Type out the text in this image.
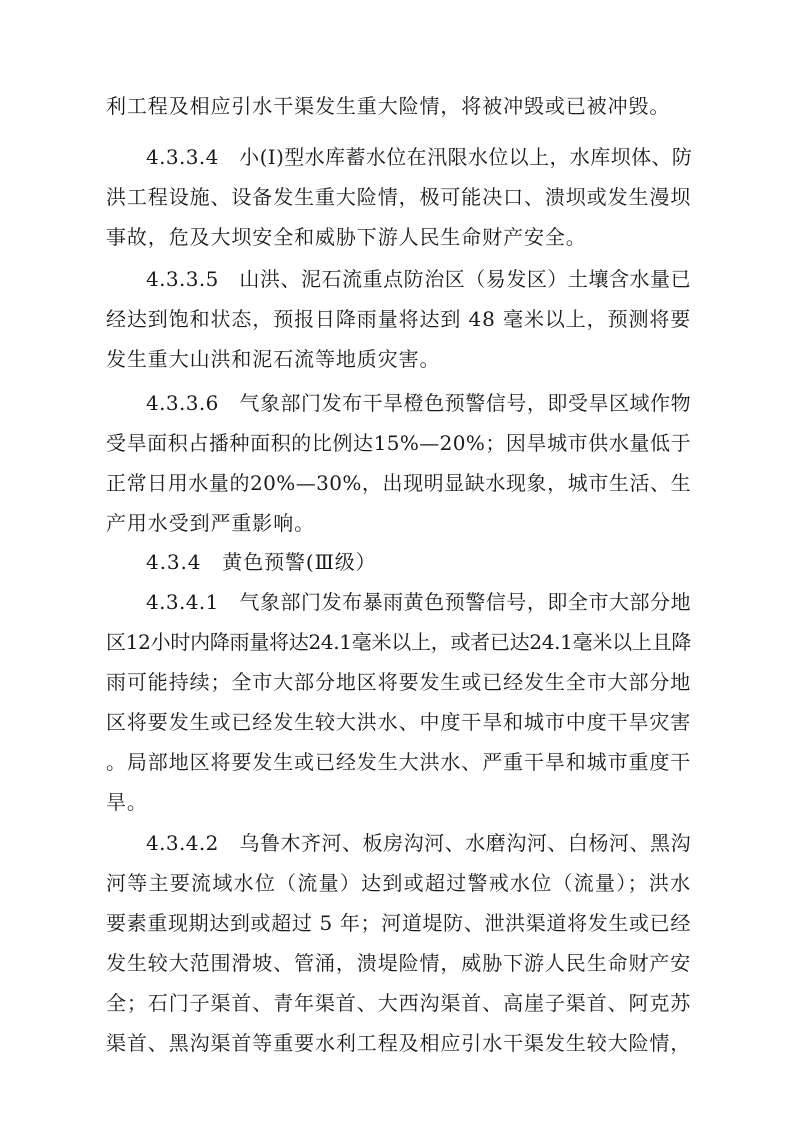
利工程及相应引水干渠发生重大险情，将被冲毁或已被冲毁。
4.3.3.4　小(Ⅰ)型水库蓄水位在汛限水位以上，水库坝体、防
洪工程设施、设备发生重大险情，极可能决口、溃坝或发生漫坝
事故，危及大坝安全和威胁下游人民生命财产安全。
4.3.3.5　山洪、泥石流重点防治区（易发区）土壤含水量已
经达到饱和状态，预报日降雨量将达到 48 毫米以上，预测将要
发生重大山洪和泥石流等地质灾害。
4.3.3.6　气象部门发布干旱橙色预警信号，即受旱区域作物
受旱面积占播种面积的比例达15%—20%；因旱城市供水量低于
正常日用水量的20%—30%，出现明显缺水现象，城市生活、生
产用水受到严重影响。
4.3.4　黄色预警(Ⅲ级）
4.3.4.1　气象部门发布暴雨黄色预警信号，即全市大部分地
区12小时内降雨量将达24.1毫米以上，或者已达24.1毫米以上且降
雨可能持续；全市大部分地区将要发生或已经发生全市大部分地
区将要发生或已经发生较大洪水、中度干旱和城市中度干旱灾害
。局部地区将要发生或已经发生大洪水、严重干旱和城市重度干
旱。
4.3.4.2　乌鲁木齐河、板房沟河、水磨沟河、白杨河、黑沟
河等主要流域水位（流量）达到或超过警戒水位（流量）；洪水
要素重现期达到或超过 5 年；河道堤防、泄洪渠道将发生或已经
发生较大范围滑坡、管涌，溃堤险情，威胁下游人民生命财产安
全；石门子渠首、青年渠首、大西沟渠首、高崖子渠首、阿克苏
渠首、黑沟渠首等重要水利工程及相应引水干渠发生较大险情，
